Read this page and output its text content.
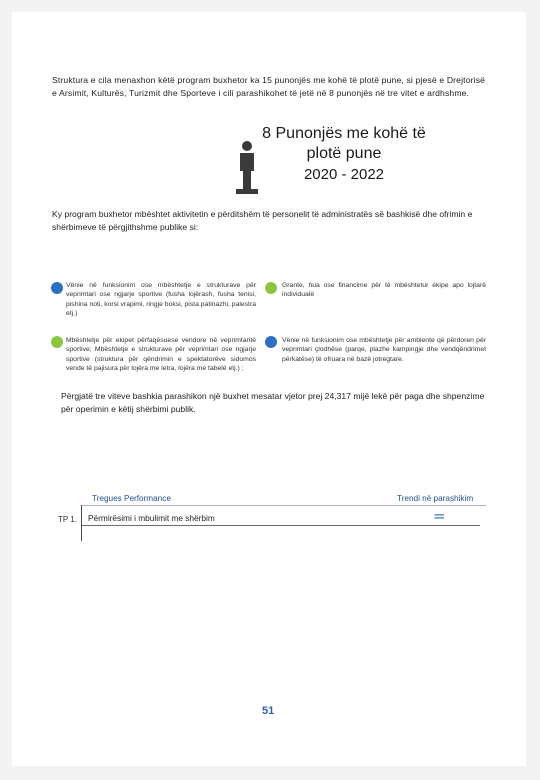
Struktura e cila menaxhon këtë program buxhetor ka 15 punonjës me kohë të plotë pune, si pjesë e Drejtorisë e Arsimit, Kulturës, Turizmit dhe Sporteve i cili parashikohet të jetë në 8 punonjës në tre vitet e ardhshme.
8 Punonjës me kohë të
plotë pune
2020 - 2022
Ky program buxhetor mbështet aktivitetin e përditshëm të personelit të administratës së bashkisë dhe ofrimin e shërbimeve të përgjithshme publike si:
Vënie në funksionim ose mbështetje e strukturave për veprimtari ose ngjarje sportive (fusha lojërash, fusha tenisi, pishina noti, korsi vrapimi, ringje boksi, pista patinazhi, palestra etj.)
Grante, hua ose financime për të mbështetur ekipe apo lojtarë individualë
Mbështetje për ekipet përfaqësuese vendore në veprimtaritë sportive; Mbështetje e strukturave për veprimtari ose ngjarje sportive (struktura për qëndrimin e spektatorëve sidomos vende të pajisura për lojëra me letra, lojëra me tabelë etj.) ;
Vënie në funksionim ose mbështetje për ambiente që përdoren për veprimtari çlodhëse (parqe, plazhe kampingje dhe vendqëndrimet përkatëse) të ofruara në bazë jotregtare.
Përgjatë tre viteve bashkia parashikon një buxhet mesatar vjetor prej 24,317 mijë lekë për paga dhe shpenzime për operimin e këtij shërbimi publik.
Tregues Performance	Trendi në parashikim
TP 1. Përmirësimi i mbulimit me shërbim	=
51
